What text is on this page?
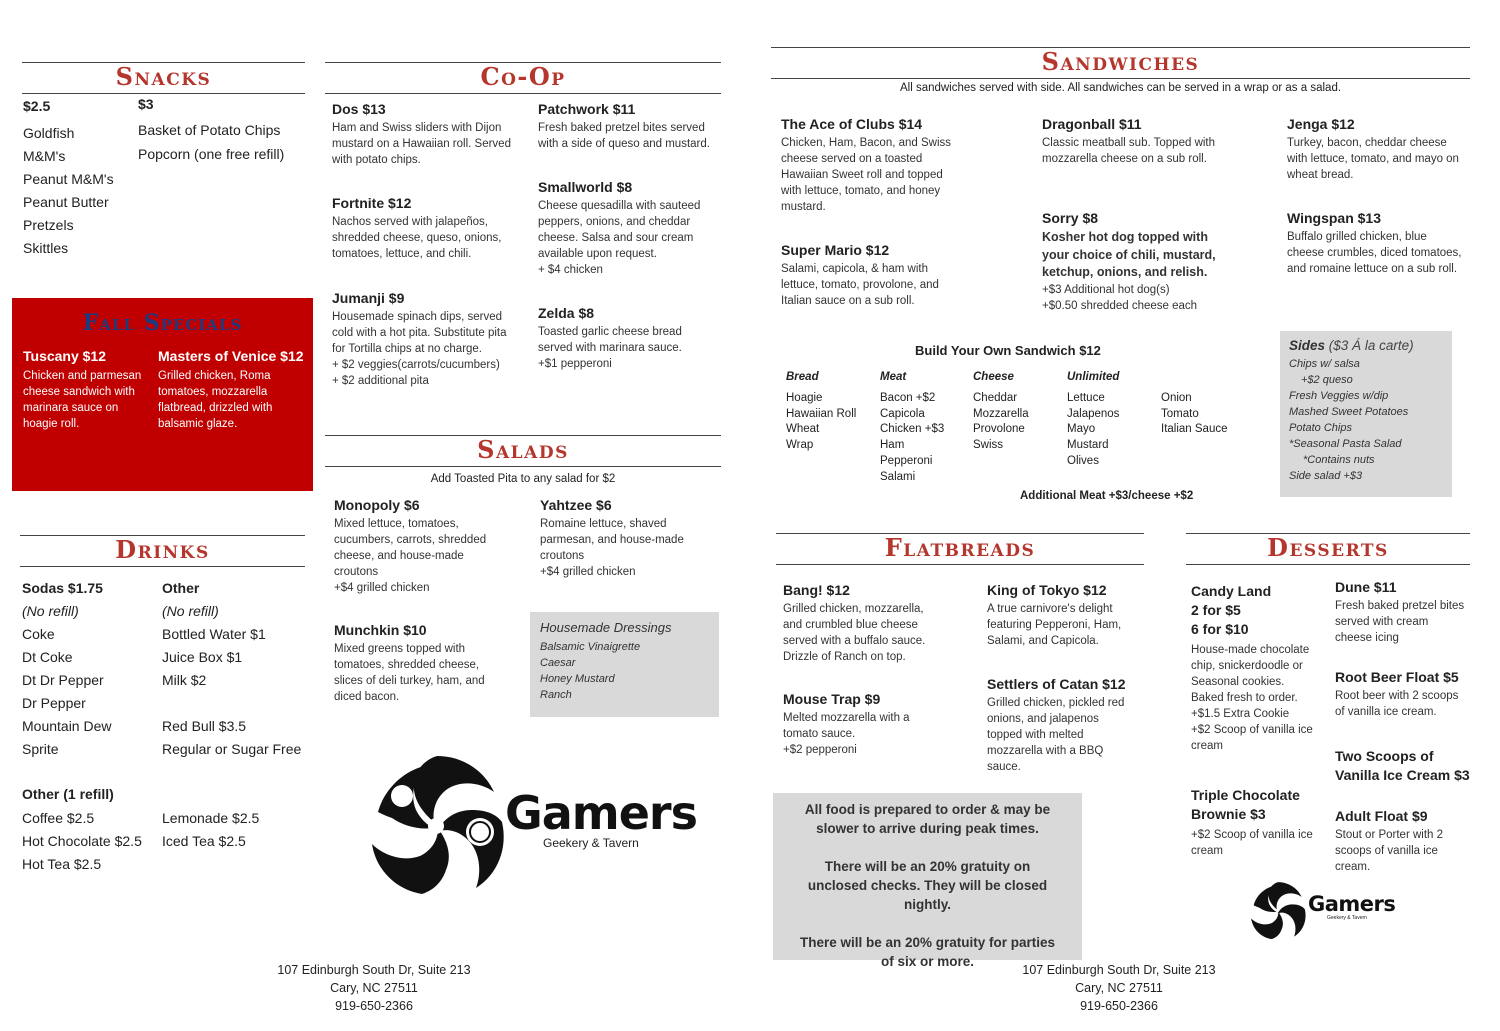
Snacks
$2.5
Goldfish
M&M's
Peanut M&M's
Peanut Butter
Pretzels
Skittles
$3
Basket of Potato Chips
Popcorn (one free refill)
Fall Specials
Tuscany $12
Chicken and parmesan cheese sandwich with marinara sauce on hoagie roll.
Masters of Venice $12
Grilled chicken, Roma tomatoes, mozzarella flatbread, drizzled with balsamic glaze.
Drinks
Sodas $1.75
(No refill)
Coke
Dt Coke
Dt Dr Pepper
Dr Pepper
Mountain Dew
Sprite
Other
(No refill)
Bottled Water $1
Juice Box $1
Milk $2

Red Bull $3.5
Regular or Sugar Free
Other (1 refill)
Coffee $2.5
Hot Chocolate $2.5
Hot Tea $2.5
Lemonade $2.5
Iced Tea $2.5
Co-Op
Dos $13
Ham and Swiss sliders with Dijon mustard on a Hawaiian roll. Served with potato chips.
Fortnite $12
Nachos served with jalapeños, shredded cheese, queso, onions, tomatoes, lettuce, and chili.
Jumanji $9
Housemade spinach dips, served cold with a hot pita. Substitute pita for Tortilla chips at no charge.
+ $2 veggies(carrots/cucumbers)
+ $2 additional pita
Patchwork $11
Fresh baked pretzel bites served with a side of queso and mustard.
Smallworld $8
Cheese quesadilla with sauteed peppers, onions, and cheddar cheese. Salsa and sour cream available upon request.
+ $4 chicken
Zelda $8
Toasted garlic cheese bread served with marinara sauce.
+$1 pepperoni
Salads
Add Toasted Pita to any salad for $2
Monopoly $6
Mixed lettuce, tomatoes, cucumbers, carrots, shredded cheese, and house-made croutons
+$4 grilled chicken
Munchkin $10
Mixed greens topped with tomatoes, shredded cheese, slices of deli turkey, ham, and diced bacon.
Yahtzee $6
Romaine lettuce, shaved parmesan, and house-made croutons
+$4 grilled chicken
Housemade Dressings
Balsamic Vinaigrette
Caesar
Honey Mustard
Ranch
Gamers
Geekery & Tavern
107 Edinburgh South Dr, Suite 213
Cary, NC 27511
919-650-2366
Sandwiches
All sandwiches served with side. All sandwiches can be served in a wrap or as a salad.
The Ace of Clubs $14
Chicken, Ham, Bacon, and Swiss cheese served on a toasted Hawaiian Sweet roll and topped with lettuce, tomato, and honey mustard.
Super Mario $12
Salami, capicola, & ham with lettuce, tomato, provolone, and Italian sauce on a sub roll.
Dragonball $11
Classic meatball sub. Topped with mozzarella cheese on a sub roll.
Sorry $8
Kosher hot dog topped with your choice of chili, mustard, ketchup, onions, and relish.
+$3 Additional hot dog(s)
+$0.50 shredded cheese each
Jenga $12
Turkey, bacon, cheddar cheese with lettuce, tomato, and mayo on wheat bread.
Wingspan $13
Buffalo grilled chicken, blue cheese crumbles, diced tomatoes, and romaine lettuce on a sub roll.
Build Your Own Sandwich $12
Bread
Hoagie
Hawaiian Roll
Wheat
Wrap
Meat
Bacon +$2
Capicola
Chicken +$3
Ham
Pepperoni
Salami
Cheese
Cheddar
Mozzarella
Provolone
Swiss
Unlimited
Lettuce
Jalapenos
Mayo
Mustard
Olives

Onion
Tomato
Italian Sauce
Additional Meat +$3/cheese +$2
Sides ($3 Á la carte)
Chips w/ salsa
+$2 queso
Fresh Veggies w/dip
Mashed Sweet Potatoes
Potato Chips
*Seasonal Pasta Salad
*Contains nuts
Side salad +$3
Flatbreads
Bang! $12
Grilled chicken, mozzarella, and crumbled blue cheese served with a buffalo sauce. Drizzle of Ranch on top.
Mouse Trap $9
Melted mozzarella with a tomato sauce.
+$2 pepperoni
King of Tokyo $12
A true carnivore's delight featuring Pepperoni, Ham, Salami, and Capicola.
Settlers of Catan $12
Grilled chicken, pickled red onions, and jalapenos topped with melted mozzarella with a BBQ sauce.
All food is prepared to order & may be slower to arrive during peak times.
There will be an 20% gratuity on unclosed checks. They will be closed nightly.
There will be an 20% gratuity for parties of six or more.
Desserts
Candy Land
2 for $5
6 for $10
House-made chocolate chip, snickerdoodle or Seasonal cookies. Baked fresh to order.
+$1.5 Extra Cookie
+$2 Scoop of vanilla ice cream
Triple Chocolate Brownie $3
+$2 Scoop of vanilla ice cream
Dune $11
Fresh baked pretzel bites served with cream cheese icing
Root Beer Float $5
Root beer with 2 scoops of vanilla ice cream.
Two Scoops of Vanilla Ice Cream $3
Adult Float $9
Stout or Porter with 2 scoops of vanilla ice cream.
Gamers
Geekery & Tavern
107 Edinburgh South Dr, Suite 213
Cary, NC 27511
919-650-2366
